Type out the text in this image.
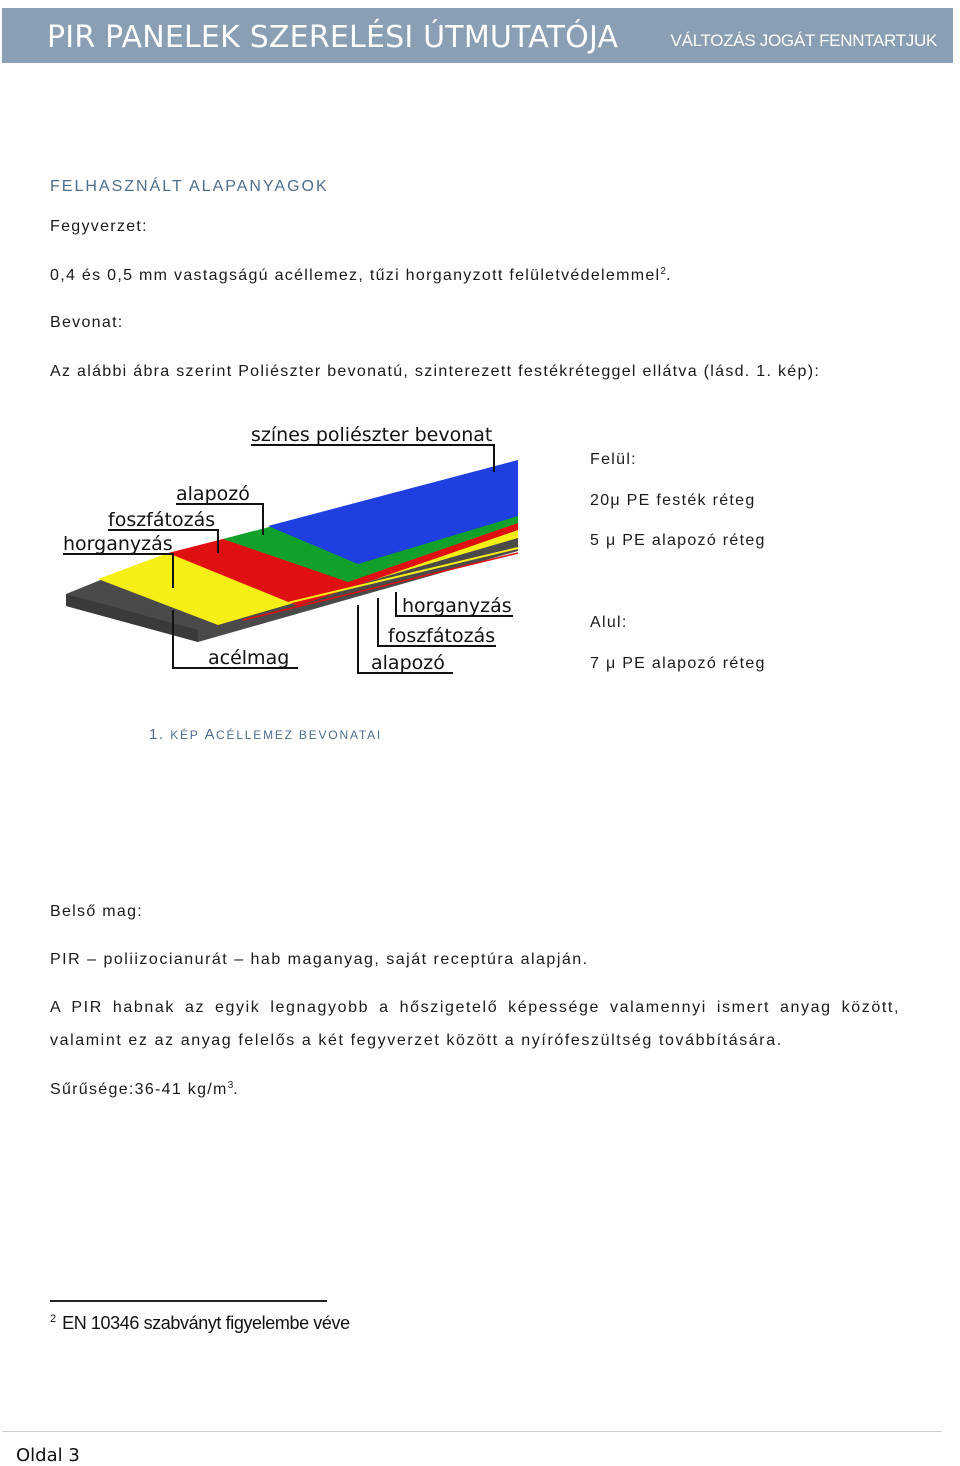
PIR PANELEK SZERELÉSI ÚTMUTATÓJA	VÁLTOZÁS JOGÁT FENNTARTJUK
FELHASZNÁLT ALAPANYAGOK
Fegyverzet:
0,4 és 0,5 mm vastagságú acéllemez, tűzi horganyzott felületvédelemmel$^2$.
Bevonat:
Az alábbi ábra szerint Poliészter bevonatú, szinterezett festékréteggel ellátva (lásd. 1. kép):
színes poliészter bevonat
alapozó
foszfátozás
horganyzás
acélmag
horganyzás
foszfátozás
alapozó
Felül:
20μ PE festék réteg
5 μ PE alapozó réteg
Alul:
7 μ PE alapozó réteg
1. KÉP ACÉLLEMEZ BEVONATAI
Belső mag:
PIR – poliizocianurát – hab maganyag, saját receptúra alapján.
A PIR habnak az egyik legnagyobb a hőszigetelő képessége valamennyi ismert anyag között,
valamint ez az anyag felelős a két fegyverzet között a nyírófeszültség továbbítására.
Sűrűsége:36-41 $kg/m^3$.
$^2$ EN 10346 szabványt figyelembe véve
Oldal 3
